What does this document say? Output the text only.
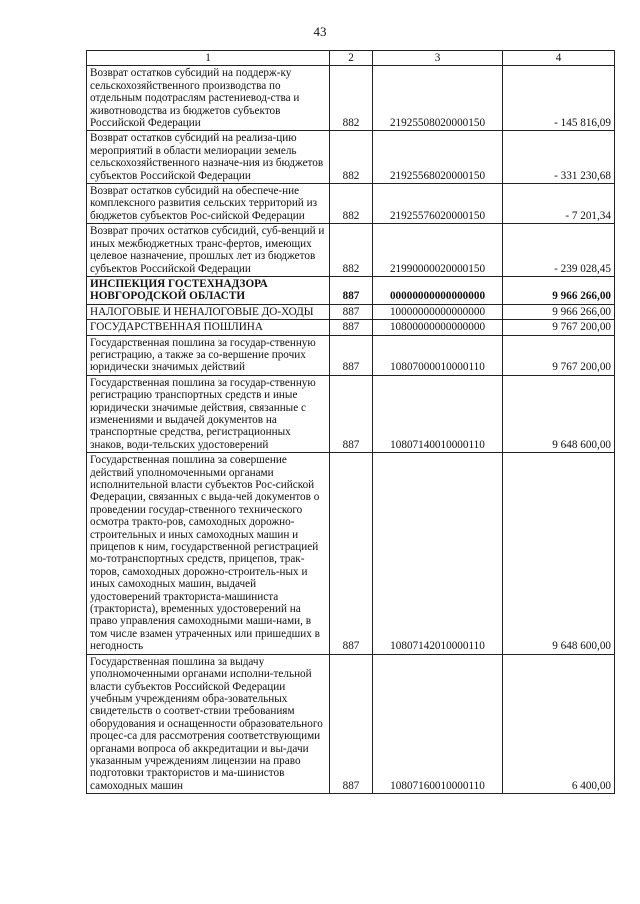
43
1	2	3	4
Возврат остатков субсидий на поддерж-ку сельскохозяйственного производства по отдельным подотраслям растениевод-ства и животноводства из бюджетов субъектов Российской Федерации	882	21925508020000150	- 145 816,09
Возврат остатков субсидий на реализа-цию мероприятий в области мелиорации земель сельскохозяйственного назначе-ния из бюджетов субъектов Российской Федерации	882	21925568020000150	- 331 230,68
Возврат остатков субсидий на обеспече-ние комплексного развития сельских территорий из бюджетов субъектов Рос-сийской Федерации	882	21925576020000150	- 7 201,34
Возврат прочих остатков субсидий, суб-венций и иных межбюджетных транс-фертов, имеющих целевое назначение, прошлых лет из бюджетов субъектов Российской Федерации	882	21990000020000150	- 239 028,45
ИНСПЕКЦИЯ ГОСТЕХНАДЗОРА НОВГОРОДСКОЙ ОБЛАСТИ	887	00000000000000000	9 966 266,00
НАЛОГОВЫЕ И НЕНАЛОГОВЫЕ ДО-ХОДЫ	887	10000000000000000	9 966 266,00
ГОСУДАРСТВЕННАЯ ПОШЛИНА	887	10800000000000000	9 767 200,00
Государственная пошлина за государ-ственную регистрацию, а также за со-вершение прочих юридически значимых действий	887	10807000010000110	9 767 200,00
Государственная пошлина за государ-ственную регистрацию транспортных средств и иные юридически значимые действия, связанные с изменениями и выдачей документов на транспортные средства, регистрационных знаков, води-тельских удостоверений	887	10807140010000110	9 648 600,00
Государственная пошлина за совершение действий уполномоченными органами исполнительной власти субъектов Рос-сийской Федерации, связанных с выда-чей документов о проведении государ-ственного технического осмотра тракто-ров, самоходных дорожно-строительных и иных самоходных машин и прицепов к ним, государственной регистрацией мо-тотранспортных средств, прицепов, трак-торов, самоходных дорожно-строитель-ных и иных самоходных машин, выдачей удостоверений тракториста-машиниста (тракториста), временных удостоверений на право управления самоходными маши-нами, в том числе взамен утраченных или пришедших в негодность	887	10807142010000110	9 648 600,00
Государственная пошлина за выдачу уполномоченными органами исполни-тельной власти субъектов Российской Федерации учебным учреждениям обра-зовательных свидетельств о соответ-ствии требованиям оборудования и оснащенности образовательного процес-са для рассмотрения соответствующими органами вопроса об аккредитации и вы-дачи указанным учреждениям лицензии на право подготовки трактористов и ма-шинистов самоходных машин	887	10807160010000110	6 400,00
